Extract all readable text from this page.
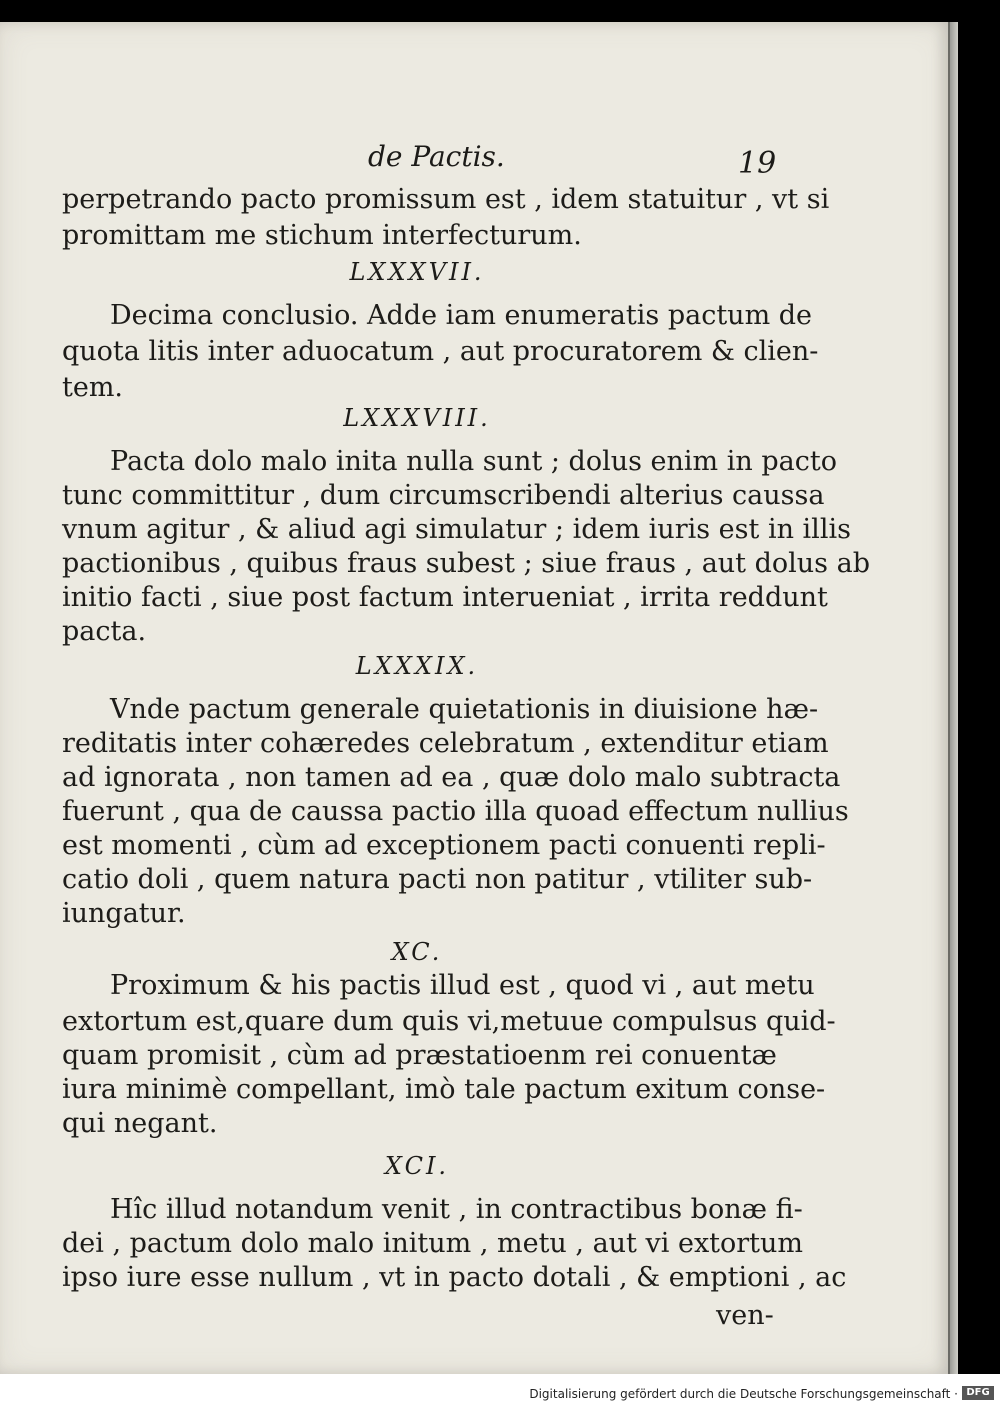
de Pactis.	19
perpetrando pacto promissum est , idem statuitur , vt si
promittam me stichum interfecturum.
LXXXVII.
Decima conclusio. Adde iam enumeratis pactum de
quota litis inter aduocatum , aut procuratorem & clien-
tem.
LXXXVIII.
Pacta dolo malo inita nulla sunt ; dolus enim in pacto
tunc committitur , dum circumscribendi alterius caussa
vnum agitur , & aliud agi simulatur ; idem iuris est in illis
pactionibus , quibus fraus subest ; siue fraus , aut dolus ab
initio facti , siue post factum interueniat , irrita reddunt
pacta.
LXXXIX.
Vnde pactum generale quietationis in diuisione hæ-
reditatis inter cohæredes celebratum , extenditur etiam
ad ignorata , non tamen ad ea , quæ dolo malo subtracta
fuerunt , qua de caussa pactio illa quoad effectum nullius
est momenti , cùm ad exceptionem pacti conuenti repli-
catio doli , quem natura pacti non patitur , vtiliter sub-
iungatur.
XC.
Proximum & his pactis illud est , quod vi , aut metu
extortum est,quare dum quis vi,metuue compulsus quid-
quam promisit , cùm ad præstatioenm rei conuentæ
iura minimè compellant, imò tale pactum exitum conse-
qui negant.
XCI.
Hîc illud notandum venit , in contractibus bonæ fi-
dei , pactum dolo malo initum , metu , aut vi extortum
ipso iure esse nullum , vt in pacto dotali , & emptioni , ac
ven-
Digitalisierung gefördert durch die Deutsche Forschungsgemeinschaft · DFG
